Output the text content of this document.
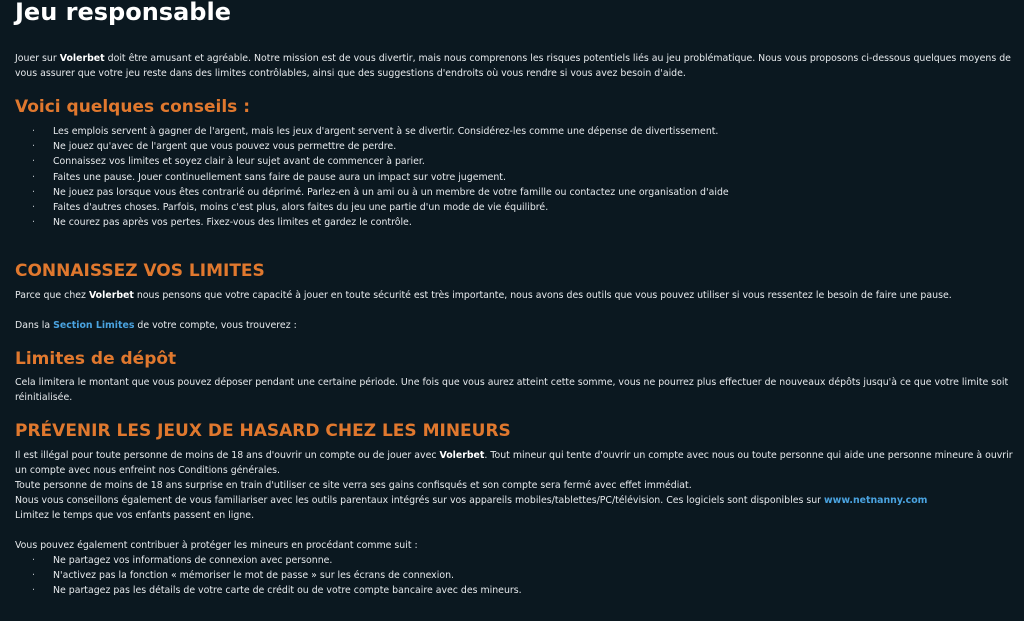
Jeu responsable

Jouer sur Volerbet doit être amusant et agréable. Notre mission est de vous divertir, mais nous comprenons les risques potentiels liés au jeu problématique. Nous vous proposons ci-dessous quelques moyens de vous assurer que votre jeu reste dans des limites contrôlables, ainsi que des suggestions d'endroits où vous rendre si vous avez besoin d'aide.

Voici quelques conseils :
· Les emplois servent à gagner de l'argent, mais les jeux d'argent servent à se divertir. Considérez-les comme une dépense de divertissement.
· Ne jouez qu'avec de l'argent que vous pouvez vous permettre de perdre.
· Connaissez vos limites et soyez clair à leur sujet avant de commencer à parier.
· Faites une pause. Jouer continuellement sans faire de pause aura un impact sur votre jugement.
· Ne jouez pas lorsque vous êtes contrarié ou déprimé. Parlez-en à un ami ou à un membre de votre famille ou contactez une organisation d'aide
· Faites d'autres choses. Parfois, moins c'est plus, alors faites du jeu une partie d'un mode de vie équilibré.
· Ne courez pas après vos pertes. Fixez-vous des limites et gardez le contrôle.
CONNAISSEZ VOS LIMITES

Parce que chez Volerbet nous pensons que votre capacité à jouer en toute sécurité est très importante, nous avons des outils que vous pouvez utiliser si vous ressentez le besoin de faire une pause.

Dans la Section Limites de votre compte, vous trouverez :

Limites de dépôt

Cela limitera le montant que vous pouvez déposer pendant une certaine période. Une fois que vous aurez atteint cette somme, vous ne pourrez plus effectuer de nouveaux dépôts jusqu'à ce que votre limite soit réinitialisée.

PRÉVENIR LES JEUX DE HASARD CHEZ LES MINEURS

Il est illégal pour toute personne de moins de 18 ans d'ouvrir un compte ou de jouer avec Volerbet. Tout mineur qui tente d'ouvrir un compte avec nous ou toute personne qui aide une personne mineure à ouvrir un compte avec nous enfreint nos Conditions générales.

Toute personne de moins de 18 ans surprise en train d'utiliser ce site verra ses gains confisqués et son compte sera fermé avec effet immédiat.

Nous vous conseillons également de vous familiariser avec les outils parentaux intégrés sur vos appareils mobiles/tablettes/PC/télévision. Ces logiciels sont disponibles sur www.netnanny.com

Limitez le temps que vos enfants passent en ligne.

Vous pouvez également contribuer à protéger les mineurs en procédant comme suit :

· Ne partagez vos informations de connexion avec personne.
· N'activez pas la fonction « mémoriser le mot de passe » sur les écrans de connexion.
· Ne partagez pas les détails de votre carte de crédit ou de votre compte bancaire avec des mineurs.
